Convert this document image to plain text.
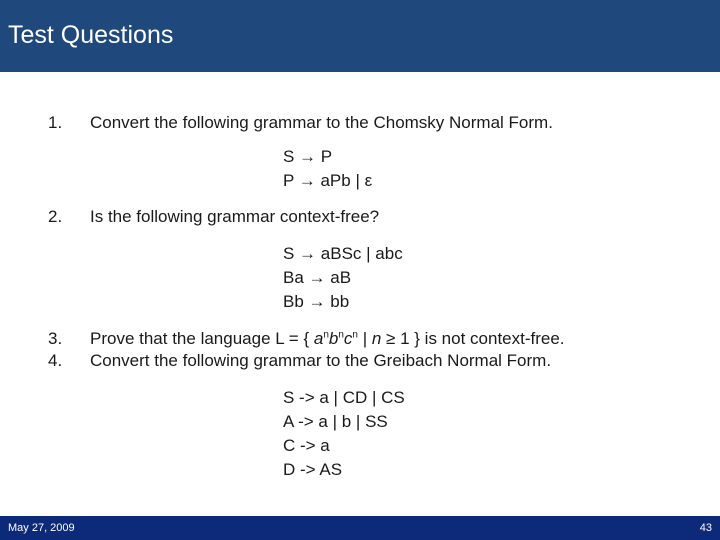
Test Questions
1. Convert the following grammar to the Chomsky Normal Form.
S → P
P → aPb | ε
2. Is the following grammar context-free?
S → aBSc | abc
Ba → aB
Bb → bb
3. Prove that the language L = { $a^nb^nc^n$ | n ≥ 1 } is not context-free.
4. Convert the following grammar to the Greibach Normal Form.
S -> a | CD | CS
A -> a | b | SS
C -> a
D -> AS
May 27, 2009	43
